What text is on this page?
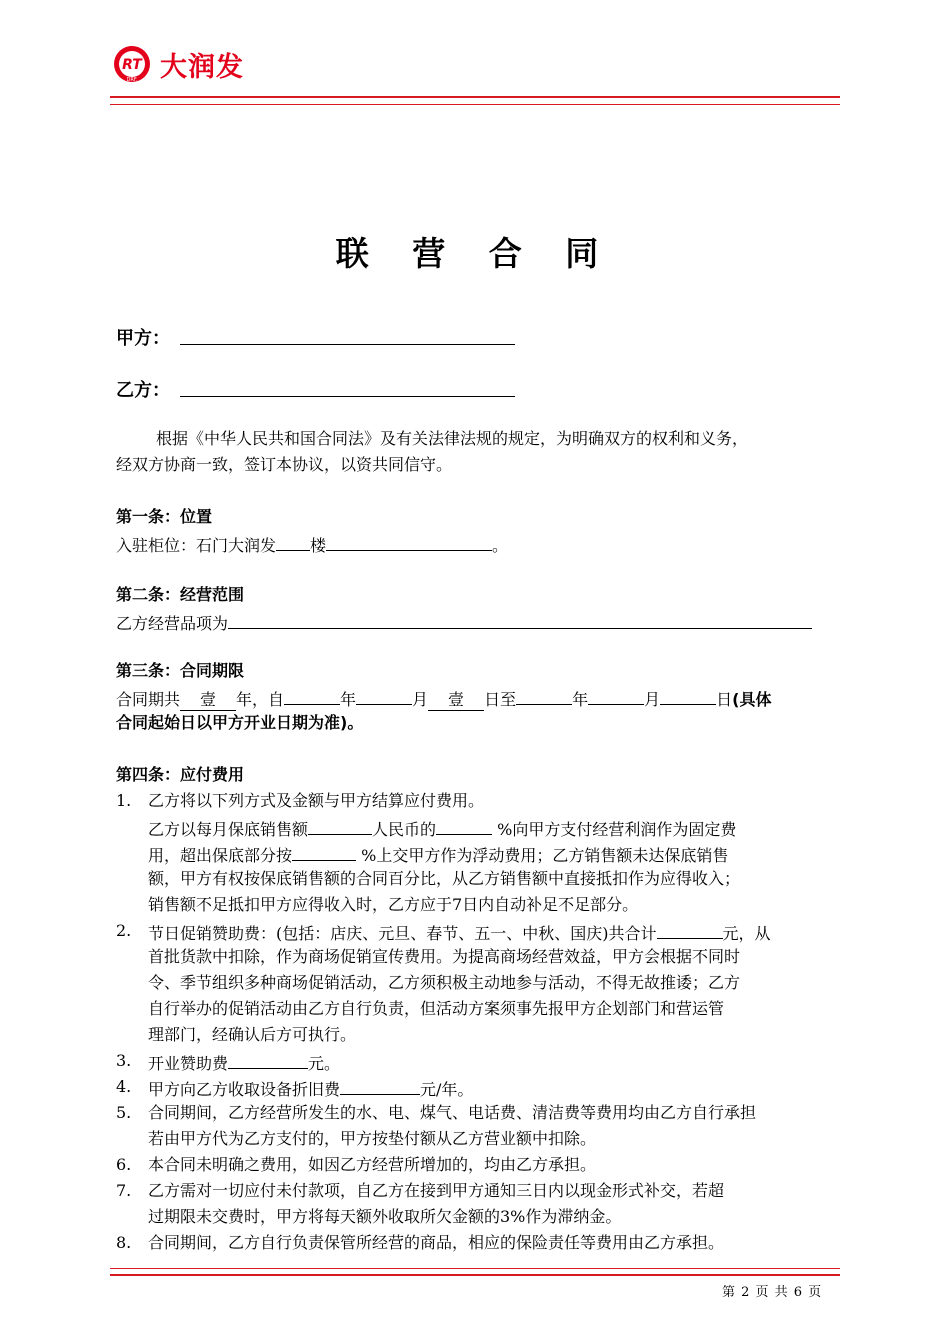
RT
DRF. 大润发
联 营 合 同
甲方：
乙方：
根据《中华人民共和国合同法》及有关法律法规的规定，为明确双方的权利和义务，
经双方协商一致，签订本协议，以资共同信守。
第一条：位置
入驻柜位：石门大润发 楼	。
第二条：经营范围
乙方经营品项为
第三条：合同期限
合同期共 壹 年，自	年	月 壹 日至	年	月	日(具体
合同起始日以甲方开业日期为准)。
第四条：应付费用
1. 乙方将以下列方式及金额与甲方结算应付费用。
乙方以每月保底销售额	人民币的	%向甲方支付经营利润作为固定费
用，超出保底部分按	%上交甲方作为浮动费用；乙方销售额未达保底销售
额，甲方有权按保底销售额的合同百分比，从乙方销售额中直接抵扣作为应得收入；
销售额不足抵扣甲方应得收入时，乙方应于7日内自动补足不足部分。
2. 节日促销赞助费：(包括：店庆、元旦、春节、五一、中秋、国庆)共合计	元，从
首批货款中扣除，作为商场促销宣传费用。为提高商场经营效益，甲方会根据不同时
令、季节组织多种商场促销活动，乙方须积极主动地参与活动，不得无故推诿；乙方
自行举办的促销活动由乙方自行负责，但活动方案须事先报甲方企划部门和营运管
理部门，经确认后方可执行。
3. 开业赞助费	元。
4. 甲方向乙方收取设备折旧费	元/年。
5. 合同期间，乙方经营所发生的水、电、煤气、电话费、清洁费等费用均由乙方自行承担
若由甲方代为乙方支付的，甲方按垫付额从乙方营业额中扣除。
6. 本合同未明确之费用，如因乙方经营所增加的，均由乙方承担。
7. 乙方需对一切应付未付款项，自乙方在接到甲方通知三日内以现金形式补交，若超
过期限未交费时，甲方将每天额外收取所欠金额的3%作为滞纳金。
8. 合同期间，乙方自行负责保管所经营的商品，相应的保险责任等费用由乙方承担。
第 2 页 共 6 页
